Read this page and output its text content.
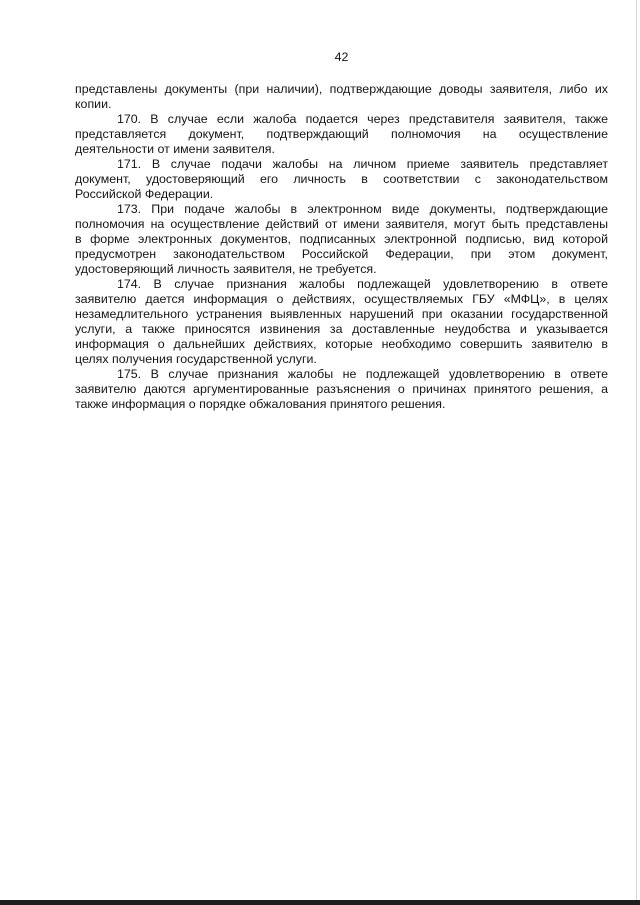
42
представлены документы (при наличии), подтверждающие доводы заявителя, либо их
копии.
170. В случае если жалоба подается через представителя заявителя, также
представляется документ, подтверждающий полномочия на осуществление
деятельности от имени заявителя.
171. В случае подачи жалобы на личном приеме заявитель представляет
документ, удостоверяющий его личность в соответствии с законодательством
Российской Федерации.
173. При подаче жалобы в электронном виде документы, подтверждающие
полномочия на осуществление действий от имени заявителя, могут быть представлены
в форме электронных документов, подписанных электронной подписью, вид которой
предусмотрен законодательством Российской Федерации, при этом документ,
удостоверяющий личность заявителя, не требуется.
174. В случае признания жалобы подлежащей удовлетворению в ответе
заявителю дается информация о действиях, осуществляемых ГБУ «МФЦ», в целях
незамедлительного устранения выявленных нарушений при оказании государственной
услуги, а также приносятся извинения за доставленные неудобства и указывается
информация о дальнейших действиях, которые необходимо совершить заявителю в
целях получения государственной услуги.
175. В случае признания жалобы не подлежащей удовлетворению в ответе
заявителю даются аргументированные разъяснения о причинах принятого решения, а
также информация о порядке обжалования принятого решения.
